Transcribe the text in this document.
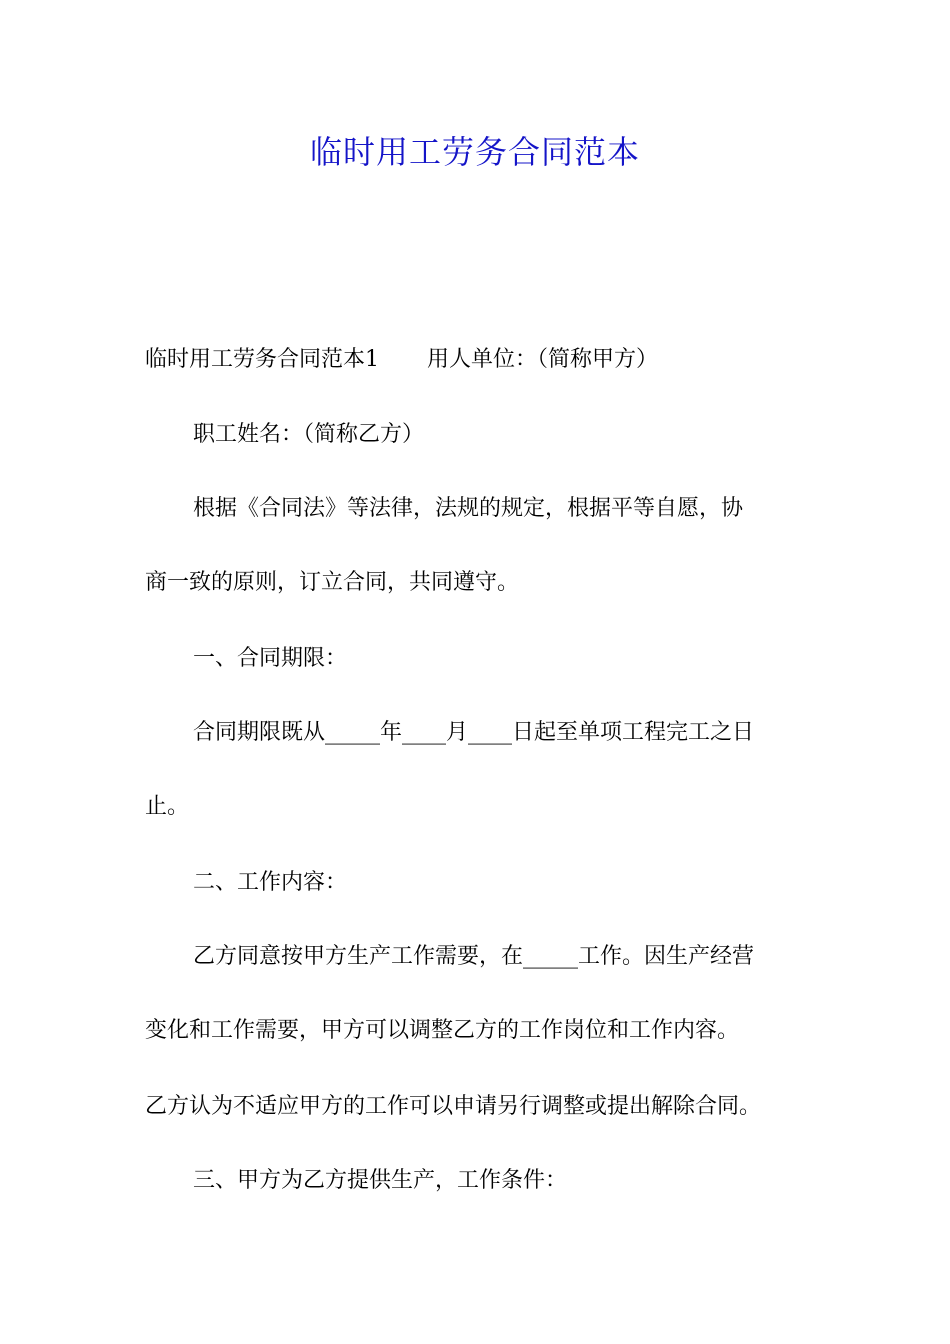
临时用工劳务合同范本
临时用工劳务合同范本1 用人单位：（简称甲方）
职工姓名：（简称乙方）
根据《合同法》等法律，法规的规定，根据平等自愿，协
商一致的原则，订立合同，共同遵守。
一、合同期限：
合同期限既从_____年____月____日起至单项工程完工之日
止。
二、工作内容：
乙方同意按甲方生产工作需要，在_____工作。因生产经营
变化和工作需要，甲方可以调整乙方的工作岗位和工作内容。
乙方认为不适应甲方的工作可以申请另行调整或提出解除合同。
三、甲方为乙方提供生产，工作条件：
